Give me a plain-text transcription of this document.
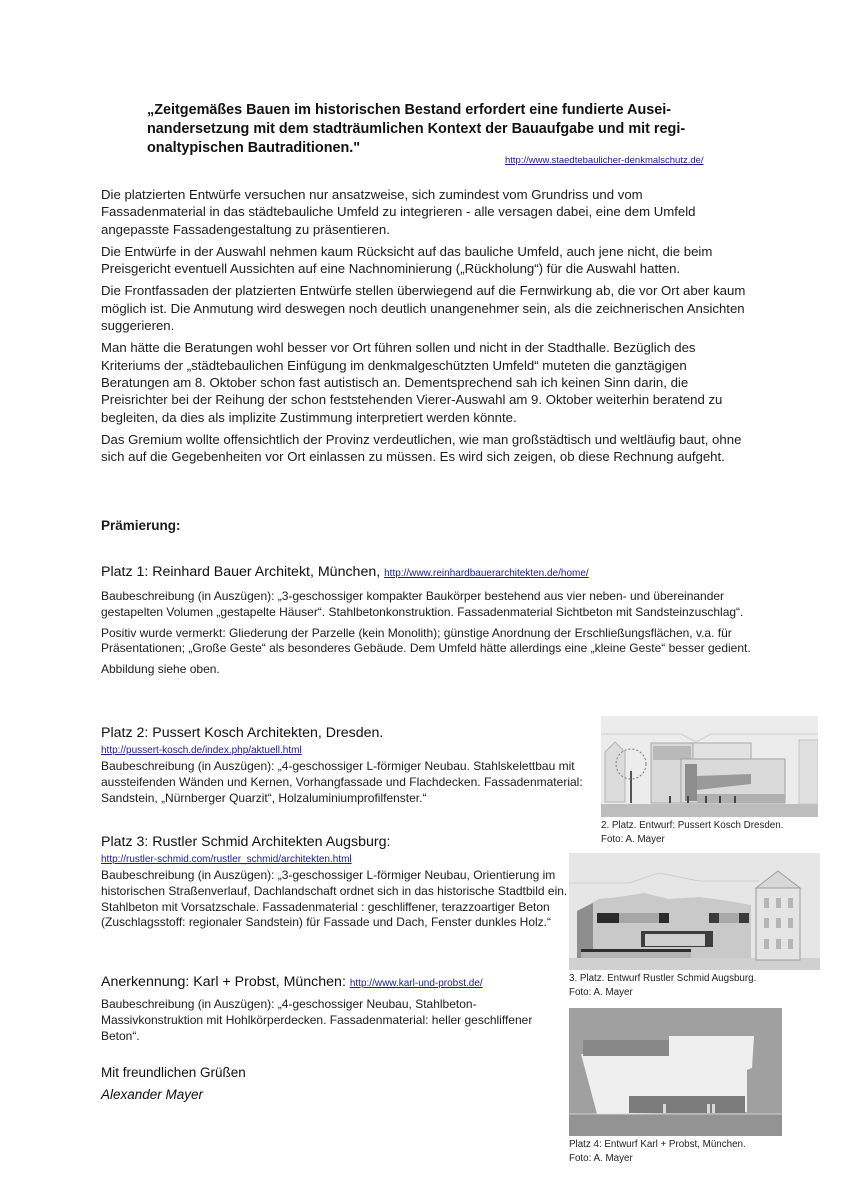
„Zeitgemäßes Bauen im historischen Bestand erfordert eine fundierte Ausei-
nandersetzung mit dem stadträumlichen Kontext der Bauaufgabe und mit regi-
onaltypischen Bautraditionen."
http://www.staedtebaulicher-denkmalschutz.de/

Die platzierten Entwürfe versuchen nur ansatzweise, sich zumindest vom Grundriss und vom Fassadenmaterial in das städtebauliche Umfeld zu integrieren - alle versagen dabei, eine dem Umfeld angepasste Fassadengestaltung zu präsentieren.

Die Entwürfe in der Auswahl nehmen kaum Rücksicht auf das bauliche Umfeld, auch jene nicht, die beim Preisgericht eventuell Aussichten auf eine Nachnominierung („Rückholung“) für die Auswahl hatten.

Die Frontfassaden der platzierten Entwürfe stellen überwiegend auf die Fernwirkung ab, die vor Ort aber kaum möglich ist. Die Anmutung wird deswegen noch deutlich unangenehmer sein, als die zeichnerischen Ansichten suggerieren.

Man hätte die Beratungen wohl besser vor Ort führen sollen und nicht in der Stadthalle. Bezüglich des Kriteriums der „städtebaulichen Einfügung im denkmalgeschützten Umfeld“ muteten die ganztägigen Beratungen am 8. Oktober schon fast autistisch an. Dementsprechend sah ich keinen Sinn darin, die Preisrichter bei der Reihung der schon feststehenden Vierer-Auswahl am 9. Oktober weiterhin beratend zu begleiten, da dies als implizite Zustimmung interpretiert werden könnte.

Das Gremium wollte offensichtlich der Provinz verdeutlichen, wie man großstädtisch und weltläufig baut, ohne sich auf die Gegebenheiten vor Ort einlassen zu müssen. Es wird sich zeigen, ob diese Rechnung aufgeht.

Prämierung:
Platz 1: Reinhard Bauer Architekt, München, http://www.reinhardbauerarchitekten.de/home/

Baubeschreibung (in Auszügen): „3-geschossiger kompakter Baukörper bestehend aus vier neben- und übereinander gestapelten Volumen „gestapelte Häuser“. Stahlbetonkonstruktion. Fassadenmaterial Sichtbeton mit Sandsteinzuschlag“.

Positiv wurde vermerkt: Gliederung der Parzelle (kein Monolith); günstige Anordnung der Erschließungsflächen, v.a. für Präsentationen; „Große Geste“ als besonderes Gebäude. Dem Umfeld hätte allerdings eine „kleine Geste“ besser gedient.

Abbildung siehe oben.

Platz 2: Pussert Kosch Architekten, Dresden.
http://pussert-kosch.de/index.php/aktuell.html

Baubeschreibung (in Auszügen): „4-geschossiger L-förmiger Neubau. Stahlskelettbau mit aussteifenden Wänden und Kernen, Vorhangfassade und Flachdecken. Fassadenmaterial: Sandstein, „Nürnberger Quarzit“, Holzaluminiumprofilfenster.“

Platz 3: Rustler Schmid Architekten Augsburg:
http://rustler-schmid.com/rustler_schmid/architekten.html

Baubeschreibung (in Auszügen): „3-geschossiger L-förmiger Neubau, Orientierung im historischen Straßenverlauf, Dachlandschaft ordnet sich in das historische Stadtbild ein. Stahlbeton mit Vorsatzschale. Fassadenmaterial : geschliffener, terazzoartiger Beton (Zuschlagsstoff: regionaler Sandstein) für Fassade und Dach, Fenster dunkles Holz.“

Anerkennung: Karl + Probst, München: http://www.karl-und-probst.de/

Baubeschreibung (in Auszügen): „4-geschossiger Neubau, Stahlbeton-Massivkonstruktion mit Hohlkörperdecken. Fassadenmaterial: heller geschliffener Beton“.

Mit freundlichen Grüßen
Alexander Mayer
2. Platz. Entwurf: Pussert Kosch Dresden.
Foto: A. Mayer
3. Platz. Entwurf Rustler Schmid Augsburg.
Foto: A. Mayer
Platz 4: Entwurf Karl + Probst, München.
Foto: A. Mayer
